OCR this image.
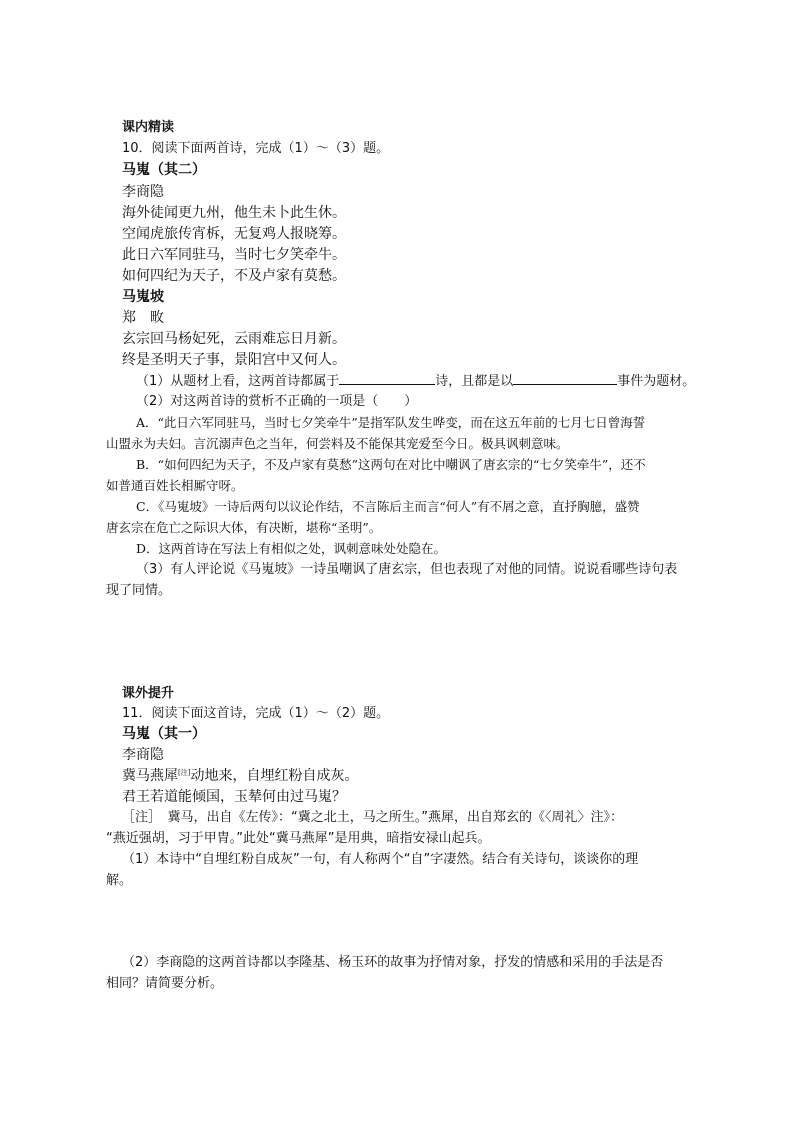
课内精读
10．阅读下面两首诗，完成（1）～（3）题。
马嵬（其二）
李商隐
海外徒闻更九州，他生未卜此生休。
空闻虎旅传宵柝，无复鸡人报晓筹。
此日六军同驻马，当时七夕笑牵牛。
如何四纪为天子，不及卢家有莫愁。
马嵬坡
郑　畋
玄宗回马杨妃死，云雨难忘日月新。
终是圣明天子事，景阳宫中又何人。
（1）从题材上看，这两首诗都属于	诗，且都是以	事件为题材。
（2）对这两首诗的赏析不正确的一项是（　　）
A．“此日六军同驻马，当时七夕笑牵牛”是指军队发生哗变，而在这五年前的七月七日曾海誓
山盟永为夫妇。言沉溺声色之当年，何尝料及不能保其宠爱至今日。极具讽刺意味。
B．“如何四纪为天子，不及卢家有莫愁”这两句在对比中嘲讽了唐玄宗的“七夕笑牵牛”，还不
如普通百姓长相厮守呀。
C．《马嵬坡》一诗后两句以议论作结，不言陈后主而言“何人”有不屑之意，直抒胸臆，盛赞
唐玄宗在危亡之际识大体，有决断，堪称“圣明”。
D．这两首诗在写法上有相似之处，讽刺意味处处隐在。
（3）有人评论说《马嵬坡》一诗虽嘲讽了唐玄宗，但也表现了对他的同情。说说看哪些诗句表
现了同情。
课外提升
11．阅读下面这首诗，完成（1）～（2）题。
马嵬（其一）
李商隐
冀马燕犀[注]动地来，自埋红粉自成灰。
君王若道能倾国，玉辇何由过马嵬？
［注］　冀马，出自《左传》：“冀之北土，马之所生。”燕犀，出自郑玄的《〈周礼〉注》：
“燕近强胡，习于甲胄。”此处“冀马燕犀”是用典，暗指安禄山起兵。
（1）本诗中“自埋红粉自成灰”一句，有人称两个“自”字凄然。结合有关诗句，谈谈你的理
解。
（2）李商隐的这两首诗都以李隆基、杨玉环的故事为抒情对象，抒发的情感和采用的手法是否
相同？请简要分析。
